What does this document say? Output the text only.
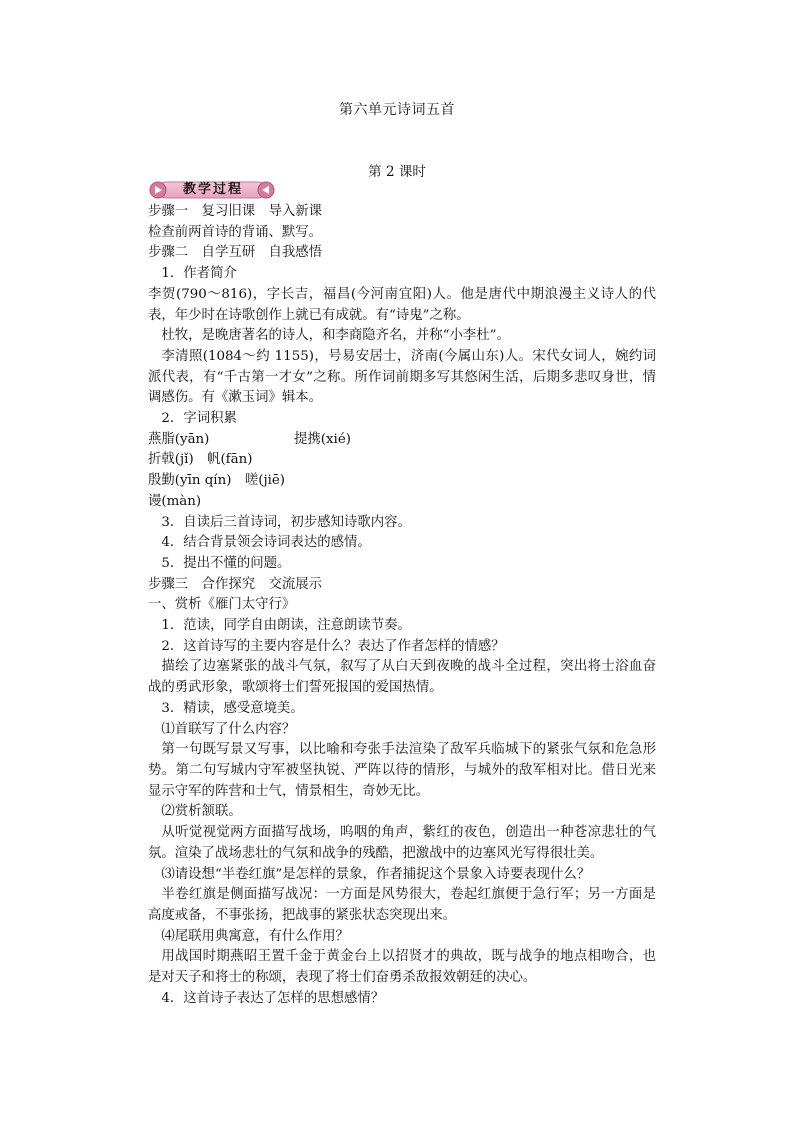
第六单元诗词五首
第 2 课时
教学过程

步骤一　复习旧课　导入新课

检查前两首诗的背诵、默写。

步骤二　自学互研　自我感悟

1．作者简介

李贺(790～816)，字长吉，福昌(今河南宜阳)人。他是唐代中期浪漫主义诗人的代表，年少时在诗歌创作上就已有成就。有“诗鬼”之称。

杜牧，是晚唐著名的诗人，和李商隐齐名，并称“小李杜”。

李清照(1084～约 1155)，号易安居士，济南(今属山东)人。宋代女词人，婉约词派代表，有“千古第一才女”之称。所作词前期多写其悠闲生活，后期多悲叹身世，情调感伤。有《漱玉词》辑本。

2．字词积累

燕脂(yān)	提携(xié)

折戟(jǐ)　帆(fān)

殷勤(yīn qín)　嗟(jiē)

谩(màn)

3．自读后三首诗词，初步感知诗歌内容。

4．结合背景领会诗词表达的感情。

5．提出不懂的问题。

步骤三　合作探究　交流展示

一、赏析《雁门太守行》

1．范读，同学自由朗读，注意朗读节奏。

2．这首诗写的主要内容是什么？表达了作者怎样的情感？

描绘了边塞紧张的战斗气氛，叙写了从白天到夜晚的战斗全过程，突出将士浴血奋战的勇武形象，歌颂将士们誓死报国的爱国热情。

3．精读，感受意境美。

⑴首联写了什么内容？

第一句既写景又写事，以比喻和夸张手法渲染了敌军兵临城下的紧张气氛和危急形势。第二句写城内守军被坚执锐、严阵以待的情形，与城外的敌军相对比。借日光来显示守军的阵营和士气，情景相生，奇妙无比。

⑵赏析颔联。

从听觉视觉两方面描写战场，呜咽的角声，紫红的夜色，创造出一种苍凉悲壮的气氛。渲染了战场悲壮的气氛和战争的残酷，把激战中的边塞风光写得很壮美。

⑶请设想“半卷红旗”是怎样的景象，作者捕捉这个景象入诗要表现什么？

半卷红旗是侧面描写战况：一方面是风势很大，卷起红旗便于急行军；另一方面是高度戒备，不事张扬，把战事的紧张状态突现出来。

⑷尾联用典寓意，有什么作用？

用战国时期燕昭王置千金于黄金台上以招贤才的典故，既与战争的地点相吻合，也是对天子和将士的称颂，表现了将士们奋勇杀敌报效朝廷的决心。

4．这首诗子表达了怎样的思想感情？
